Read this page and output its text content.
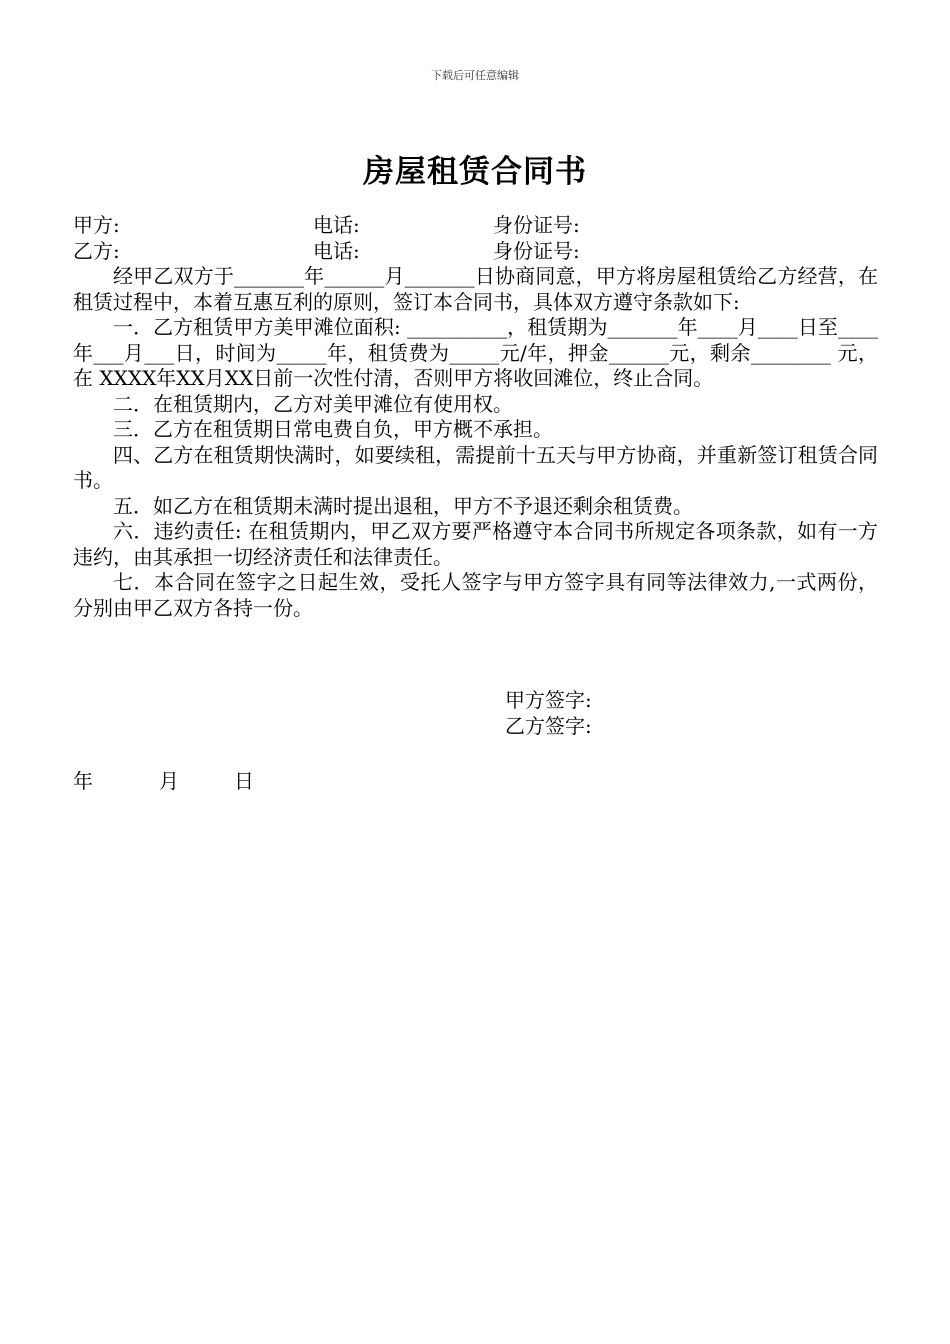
下载后可任意编辑
房屋租赁合同书
甲方:	电话:	身份证号:
乙方:	电话:	身份证号:

经甲乙双方于_______年______月_______日协商同意，甲方将房屋租赁给乙方经营，在租赁过程中，本着互惠互利的原则，签订本合同书，具体双方遵守条款如下:

一．乙方租赁甲方美甲滩位面积: __________，租赁期为_______年____月____日至____年___月___日，时间为_____年，租赁费为_____元/年，押金______元，剩余________ 元，在 XXXX年XX月XX日前一次性付清，否则甲方将收回滩位，终止合同。

二．在租赁期内，乙方对美甲滩位有使用权。

三．乙方在租赁期日常电费自负，甲方概不承担。

四、乙方在租赁期快满时，如要续租，需提前十五天与甲方协商，并重新签订租赁合同书。

五．如乙方在租赁期未满时提出退租，甲方不予退还剩余租赁费。

六．违约责任: 在租赁期内，甲乙双方要严格遵守本合同书所规定各项条款，如有一方违约，由其承担一切经济责任和法律责任。

七．本合同在签字之日起生效，受托人签字与甲方签字具有同等法律效力,一式两份，分别由甲乙双方各持一份。

甲方签字:
乙方签字:
年	月	日
